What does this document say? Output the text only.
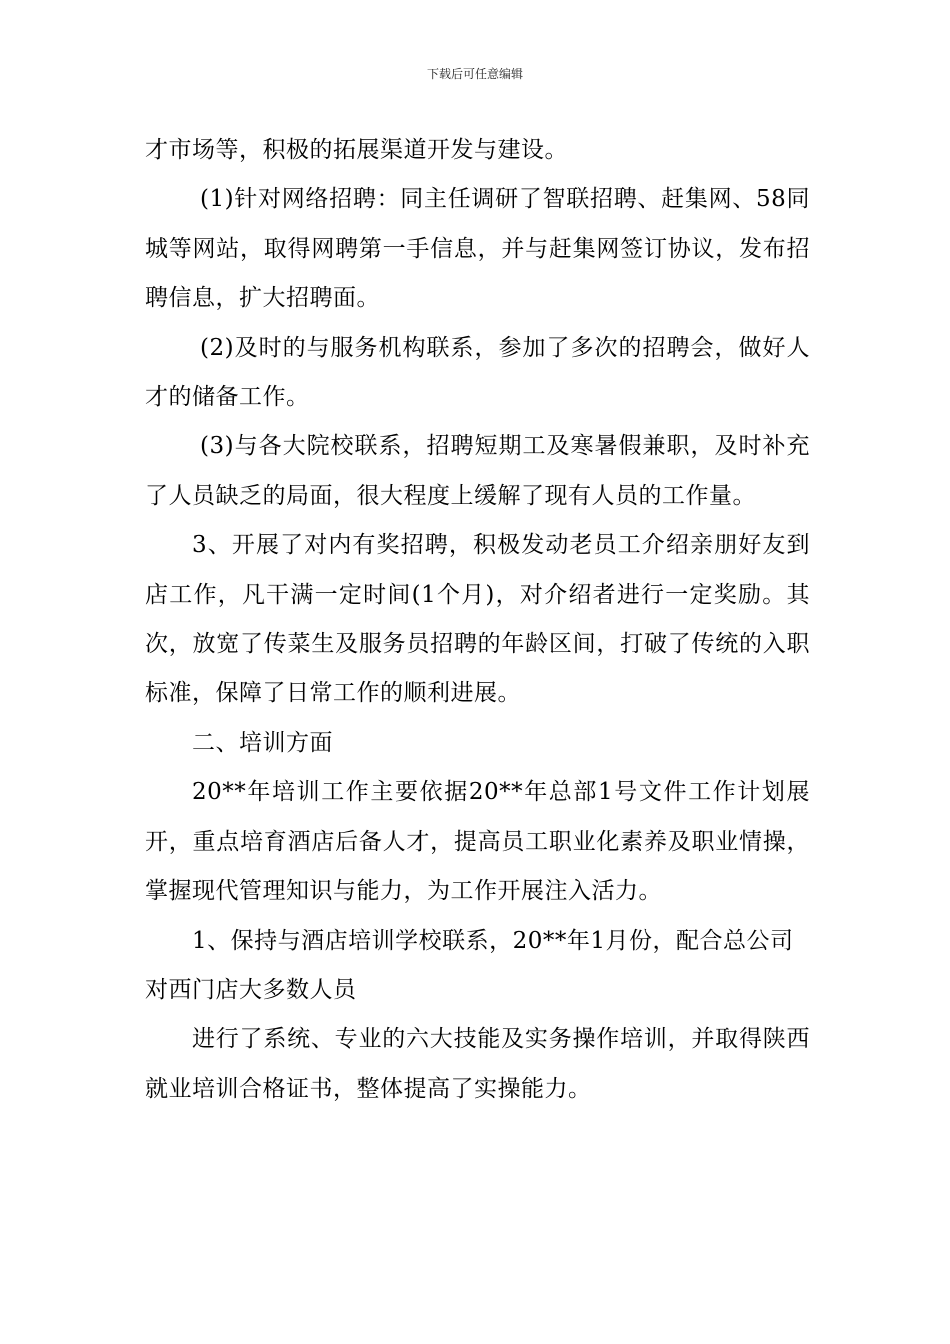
下载后可任意编辑

才市场等，积极的拓展渠道开发与建设。

(1)针对网络招聘：同主任调研了智联招聘、赶集网、58同城等网站，取得网聘第一手信息，并与赶集网签订协议，发布招聘信息，扩大招聘面。

(2)及时的与服务机构联系，参加了多次的招聘会，做好人才的储备工作。

(3)与各大院校联系，招聘短期工及寒暑假兼职，及时补充了人员缺乏的局面，很大程度上缓解了现有人员的工作量。

3、开展了对内有奖招聘，积极发动老员工介绍亲朋好友到店工作，凡干满一定时间(1个月)，对介绍者进行一定奖励。其次，放宽了传菜生及服务员招聘的年龄区间，打破了传统的入职标准，保障了日常工作的顺利进展。

二、培训方面

20**年培训工作主要依据20**年总部1号文件工作计划展开，重点培育酒店后备人才，提高员工职业化素养及职业情操，掌握现代管理知识与能力，为工作开展注入活力。

1、保持与酒店培训学校联系，20**年1月份，配合总公司对西门店大多数人员

进行了系统、专业的六大技能及实务操作培训，并取得陕西就业培训合格证书，整体提高了实操能力。
